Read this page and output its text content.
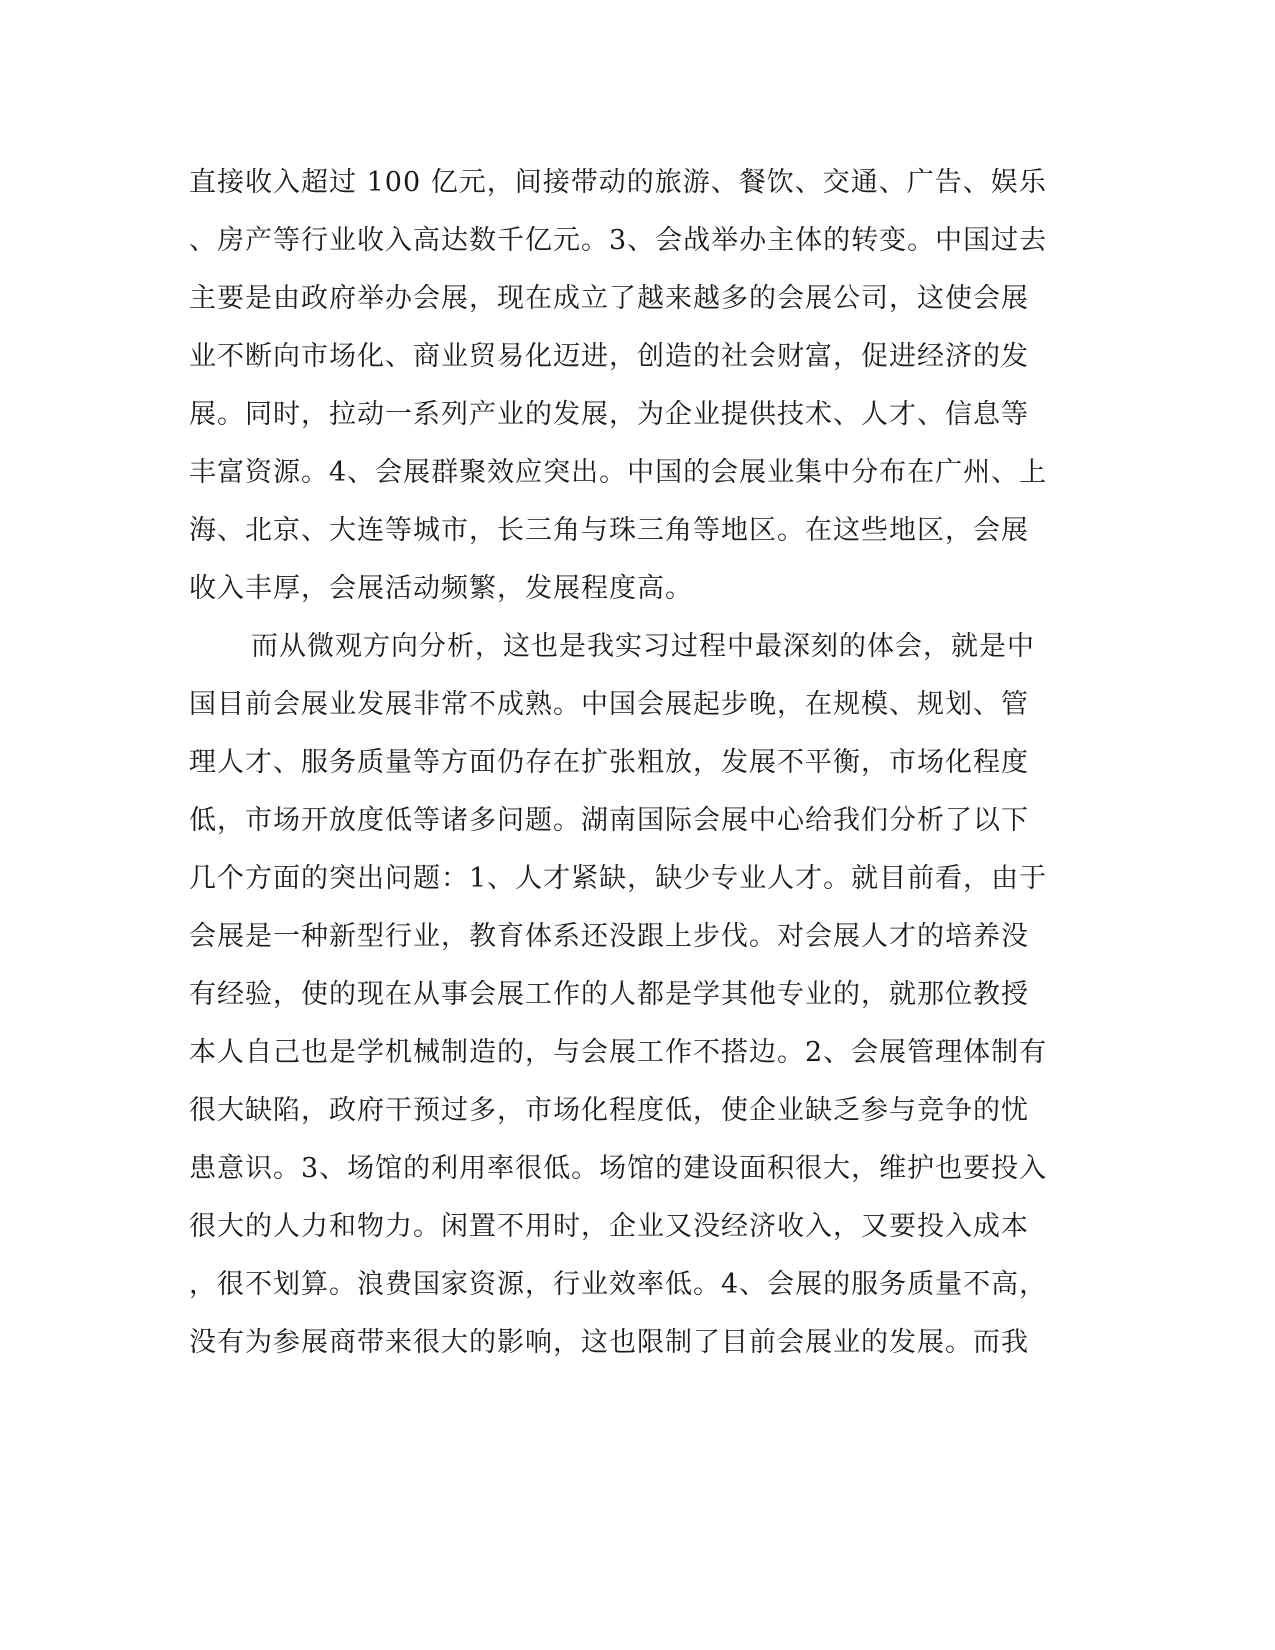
直接收入超过 100 亿元，间接带动的旅游、餐饮、交通、广告、娱乐
、房产等行业收入高达数千亿元。3、会战举办主体的转变。中国过去
主要是由政府举办会展，现在成立了越来越多的会展公司，这使会展
业不断向市场化、商业贸易化迈进，创造的社会财富，促进经济的发
展。同时，拉动一系列产业的发展，为企业提供技术、人才、信息等
丰富资源。4、会展群聚效应突出。中国的会展业集中分布在广州、上
海、北京、大连等城市，长三角与珠三角等地区。在这些地区，会展
收入丰厚，会展活动频繁，发展程度高。
而从微观方向分析，这也是我实习过程中最深刻的体会，就是中
国目前会展业发展非常不成熟。中国会展起步晚，在规模、规划、管
理人才、服务质量等方面仍存在扩张粗放，发展不平衡，市场化程度
低，市场开放度低等诸多问题。湖南国际会展中心给我们分析了以下
几个方面的突出问题：1、人才紧缺，缺少专业人才。就目前看，由于
会展是一种新型行业，教育体系还没跟上步伐。对会展人才的培养没
有经验，使的现在从事会展工作的人都是学其他专业的，就那位教授
本人自己也是学机械制造的，与会展工作不搭边。2、会展管理体制有
很大缺陷，政府干预过多，市场化程度低，使企业缺乏参与竞争的忧
患意识。3、场馆的利用率很低。场馆的建设面积很大，维护也要投入
很大的人力和物力。闲置不用时，企业又没经济收入，又要投入成本
，很不划算。浪费国家资源，行业效率低。4、会展的服务质量不高，
没有为参展商带来很大的影响，这也限制了目前会展业的发展。而我
